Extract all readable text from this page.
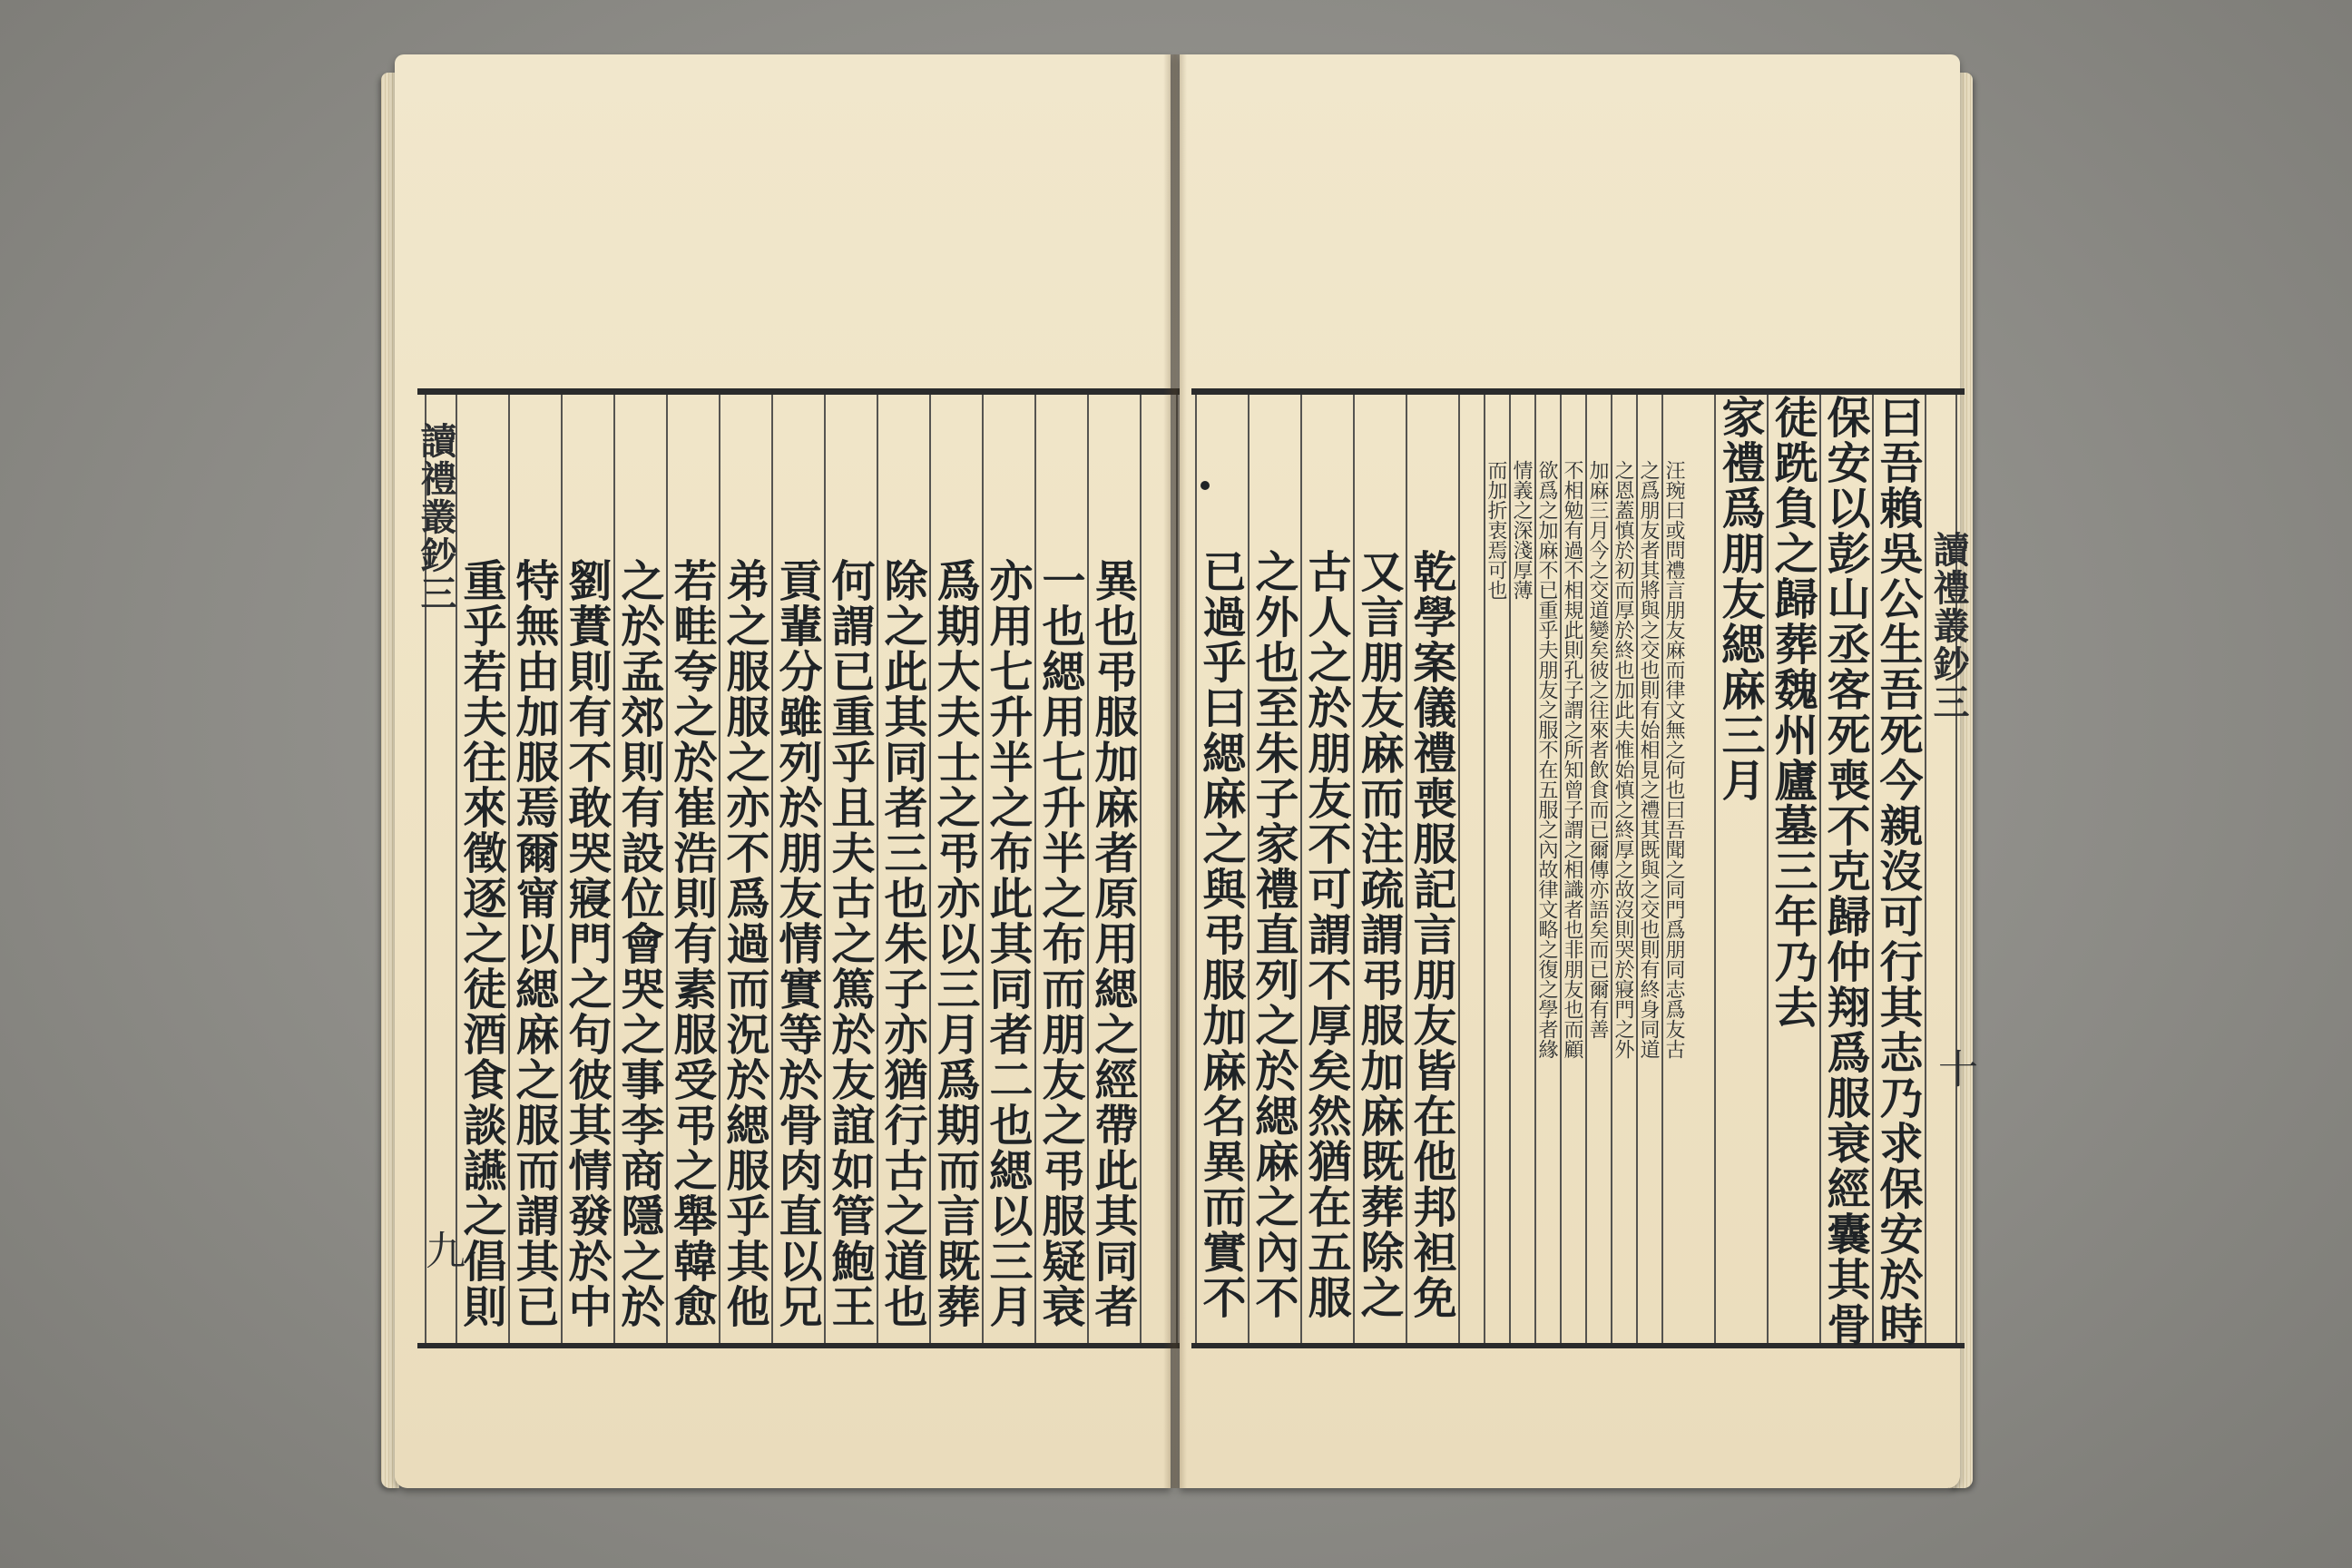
讀禮叢鈔三
九
　	異也弔服加麻者原用緦之經帶此其同者
一也緦用七升半之布而朋友之弔服疑衰
亦用七升半之布此其同者二也緦以三月
爲期大夫士之弔亦以三月爲期而言既葬
除之此其同者三也朱子亦猶行古之道也
何謂已重乎且夫古之篤於友誼如管鮑王
貢輩分雖列於朋友情實等於骨肉直以兄
弟之服服之亦不爲過而況於緦服乎其他
若畦夸之於崔浩則有素服受弔之舉韓愈
之於孟郊則有設位會哭之事李商隱之於
劉蕡則有不敢哭寢門之句彼其情發於中
特無由加服焉爾甯以緦麻之服而謂其已
重乎若夫往來徵逐之徒酒食談讌之倡則	讀禮叢鈔三
十
曰吾賴吳公生吾死今親沒可行其志乃求保安於時
保安以彭山丞客死喪不克歸仲翔爲服衰經囊其骨
徒跣負之歸葬魏州廬墓三年乃去
家禮爲朋友緦麻三月
汪琬曰或問禮言朋友麻而律文無之何也曰吾聞之同門爲朋同志爲友古
之爲朋友者其將與之交也則有始相見之禮其既與之交也則有終身同道
之恩蓋慎於初而厚於終也加此夫惟始慎之終厚之故沒則哭於寢門之外
加麻三月今之交道變矣彼之往來者飲食而已爾傳亦語矣而已爾有善
不相勉有過不相規此則孔子謂之所知曾子謂之相識者也非朋友也而顧
欲爲之加麻不已重乎夫朋友之服不在五服之內故律文略之復之學者緣
情義之深淺厚薄
而加折衷焉可也
乾學案儀禮喪服記言朋友皆在他邦袒免
又言朋友麻而注疏謂弔服加麻既葬除之
古人之於朋友不可謂不厚矣然猶在五服
之外也至朱子家禮直列之於緦麻之內不
已過乎曰緦麻之與弔服加麻名異而實不
